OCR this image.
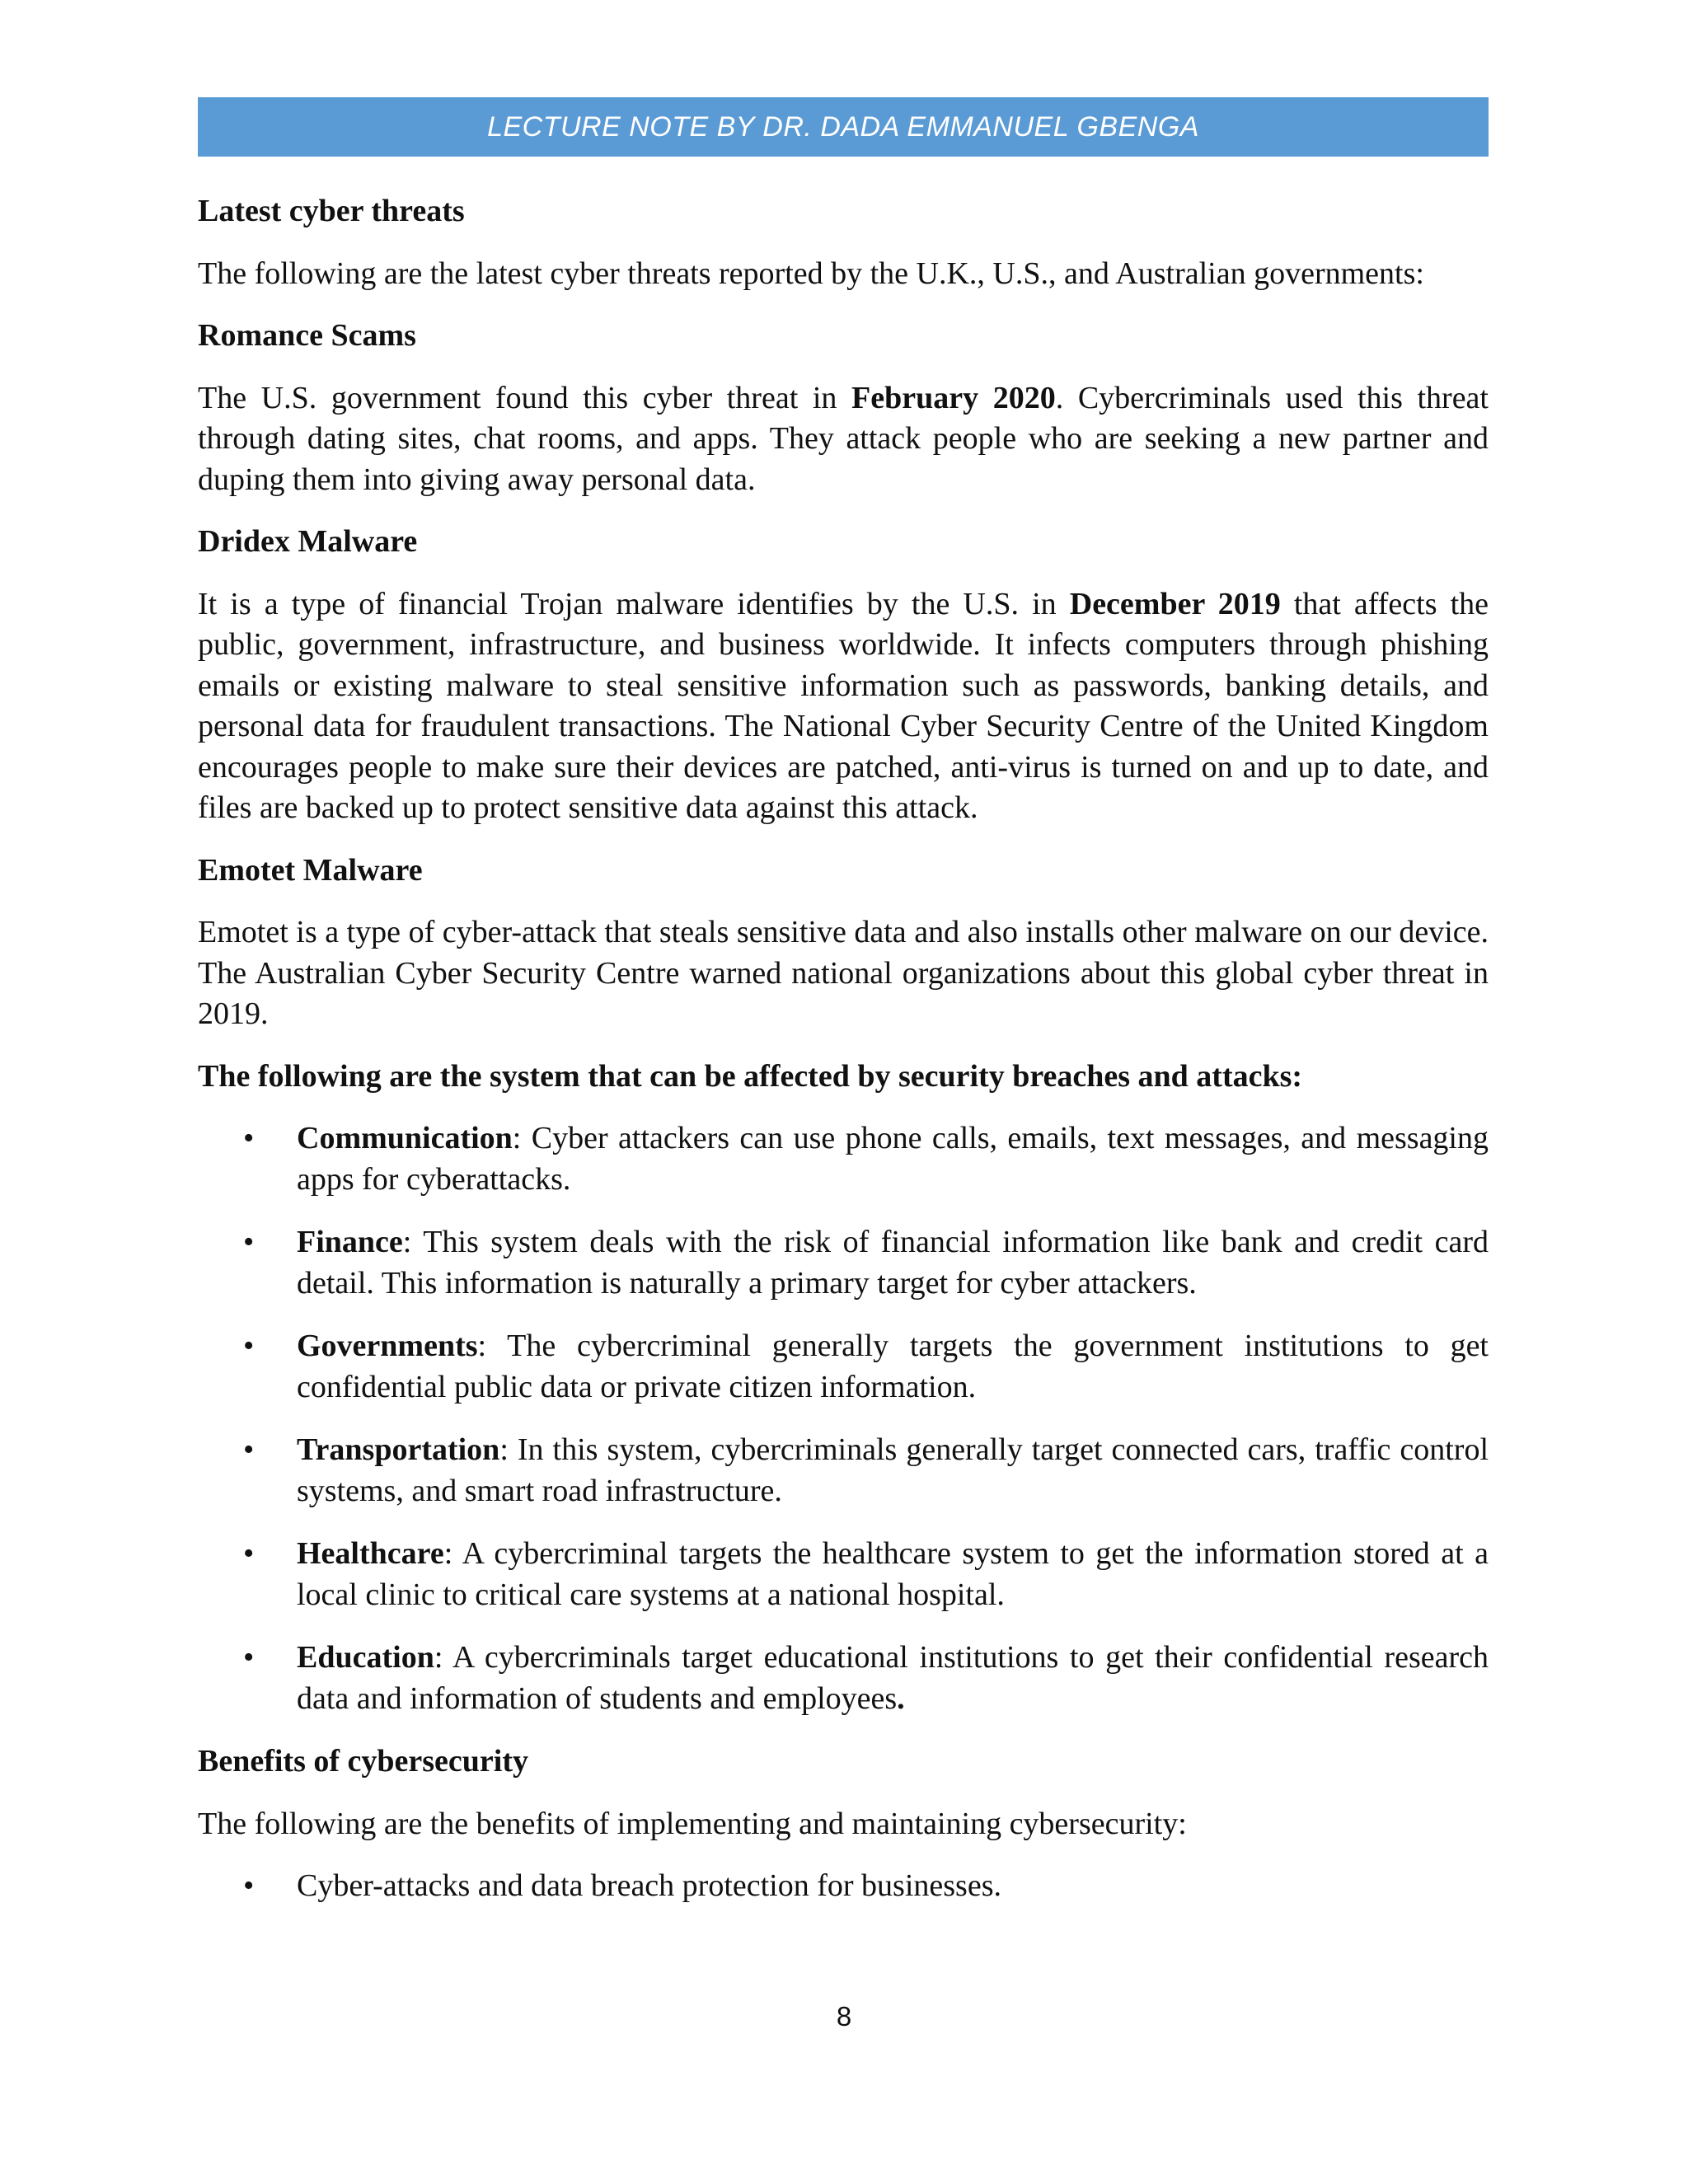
LECTURE NOTE BY DR. DADA EMMANUEL GBENGA

Latest cyber threats

The following are the latest cyber threats reported by the U.K., U.S., and Australian governments:

Romance Scams

The U.S. government found this cyber threat in February 2020. Cybercriminals used this threat through dating sites, chat rooms, and apps. They attack people who are seeking a new partner and duping them into giving away personal data.

Dridex Malware

It is a type of financial Trojan malware identifies by the U.S. in December 2019 that affects the public, government, infrastructure, and business worldwide. It infects computers through phishing emails or existing malware to steal sensitive information such as passwords, banking details, and personal data for fraudulent transactions. The National Cyber Security Centre of the United Kingdom encourages people to make sure their devices are patched, anti-virus is turned on and up to date, and files are backed up to protect sensitive data against this attack.

Emotet Malware

Emotet is a type of cyber-attack that steals sensitive data and also installs other malware on our device. The Australian Cyber Security Centre warned national organizations about this global cyber threat in 2019.

The following are the system that can be affected by security breaches and attacks:

• Communication: Cyber attackers can use phone calls, emails, text messages, and messaging apps for cyberattacks.
• Finance: This system deals with the risk of financial information like bank and credit card detail. This information is naturally a primary target for cyber attackers.
• Governments: The cybercriminal generally targets the government institutions to get confidential public data or private citizen information.
• Transportation: In this system, cybercriminals generally target connected cars, traffic control systems, and smart road infrastructure.
• Healthcare: A cybercriminal targets the healthcare system to get the information stored at a local clinic to critical care systems at a national hospital.
• Education: A cybercriminals target educational institutions to get their confidential research data and information of students and employees.

Benefits of cybersecurity

The following are the benefits of implementing and maintaining cybersecurity:

• Cyber-attacks and data breach protection for businesses.
8
